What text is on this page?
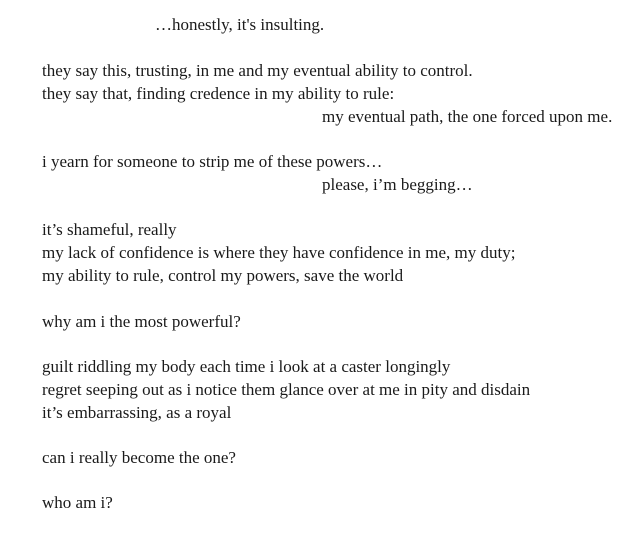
…honestly, it's insulting.
they say this, trusting, in me and my eventual ability to control.
they say that, finding credence in my ability to rule:
my eventual path, the one forced upon me.
i yearn for someone to strip me of these powers…
please, i’m begging…
it’s shameful, really
my lack of confidence is where they have confidence in me, my duty;
my ability to rule, control my powers, save the world
why am i the most powerful?
guilt riddling my body each time i look at a caster longingly
regret seeping out as i notice them glance over at me in pity and disdain
it’s embarrassing, as a royal
can i really become the one?
who am i?
